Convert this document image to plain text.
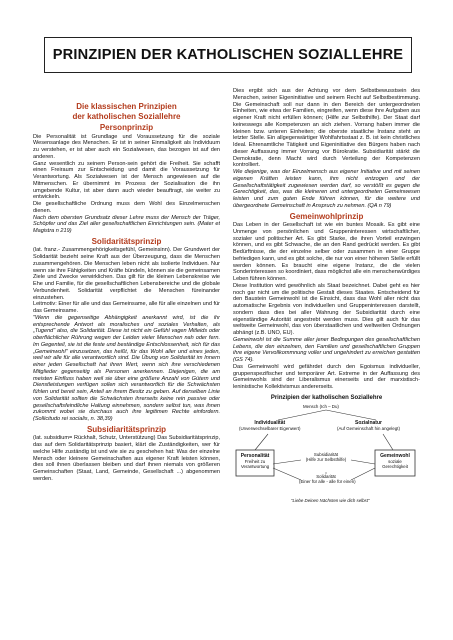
PRINZIPIEN DER KATHOLISCHEN SOZIALLEHRE
Die klassischen Prinzipien
der katholischen Soziallehre
Personprinzip

Die Personalität ist Grundlage und Voraussetzung für die soziale Wesensanlage des Menschen. Er ist in seiner Einmaligkeit als Individuum zu verstehen, er ist aber auch ein Sozialwesen, das bezogen ist auf den anderen.

Ganz wesentlich zu seinem Person-sein gehört die Freiheit. Sie schafft einen Freiraum zur Entscheidung und damit die Voraussetzung für Verantwortung. Als Sozialwesen ist der Mensch angewiesen auf die Mitmenschen. Er übernimmt im Prozess der Sozialisation die ihn umgebende Kultur, ist aber dann auch wieder beauftragt, sie weiter zu entwickeln.

Die gesellschaftliche Ordnung muss dem Wohl des Einzelmenschen dienen.

Nach dem obersten Grundsatz dieser Lehre muss der Mensch der Träger, Schöpfer und das Ziel aller gesellschaftlichen Einrichtungen sein. (Mater et Magistra n 219)

Solidaritätsprinzip

(lat. franz.- Zusammengehörigkeitsgefühl, Gemeinsinn). Der Grundwert der Solidarität bezieht seine Kraft aus der Überzeugung, dass die Menschen zusammengehören. Die Menschen leben nicht als isolierte Individuen. Nur wenn sie ihre Fähigkeiten und Kräfte bündeln, können sie die gemeinsamen Ziele und Zwecke verwirklichen. Das gilt für die kleinen Lebenskreise wie Ehe und Familie, für die gesellschaftlichen Lebensbereiche und die globale Verbundenheit. Solidarität verpflichtet die Menschen füreinander einzustehen.

Leitmotiv: Einer für alle und das Gemeinsame, alle für alle einzelnen und für das Gemeinsame.

"Wenn die gegenseitige Abhängigkeit anerkannt wird, ist die ihr entsprechende Antwort als moralisches und soziales Verhalten, als „Tugend" also, die Solidarität. Diese ist nicht ein Gefühl vagen Mitleids oder oberflächlicher Rührung wegen der Leiden vieler Menschen nah oder fern. Im Gegenteil, sie ist die feste und beständige Entschlossenheit, sich für das „Gemeinwohl" einzusetzen, das heißt, für das Wohl aller und eines jeden, weil wir alle für alle verantwortlich sind. Die Übung von Solidarität im Innern einer jeden Gesellschaft hat ihren Wert, wenn sich ihre verschiedenen Mitglieder gegenseitig als Personen anerkennen. Diejenigen, die am meisten Einfluss haben weil sie über eine größere Anzahl von Gütern und Dienstleistungen verfügen sollen sich verantwortlich für die Schwächsten fühlen und bereit sein, Anteil an ihrem Besitz zu geben. Auf derselben Linie von Solidarität sollten die Schwächsten ihrerseits keine rein passive oder gesellschaftsfeindliche Haltung einnehmen, sondern selbst tun, was ihnen zukommt wobei sie durchaus auch ihre legitimen Rechte einfordern. (Sollicitudo rei socialis, n. 38,39)

Subsidiaritätsprinzip

(lat. subsidium= Rückhalt, Schutz, Unterstützung) Das Subsidiaritätsprinzip, das auf dem Solidaritätsprinzip basiert, klärt die Zuständigkeiten, wer für welche Hilfe zuständig ist und wie sie zu geschehen hat: Was der einzelne Mensch oder kleinere Gemeinschaften aus eigener Kraft leisten können, dies soll ihnen überlassen bleiben und darf ihnen niemals von größeren Gemeinschaften (Staat, Land, Gemeinde, Gesellschaft ...) abgenommen werden.

Dies ergibt sich aus der Achtung vor dem Selbstbewusstsein des Menschen, seiner Eigeninitiative und seinem Recht auf Selbstbestimmung. Die Gemeinschaft soll nur dann in den Bereich der untergeordneten Einheiten, wie etwa der Familien, eingreifen, wenn diese ihre Aufgaben aus eigener Kraft nicht erfüllen können; (Hilfe zur Selbsthilfe). Der Staat darf keineswegs alle Kompetenzen an sich ziehen. Vorrang haben immer die kleinen bzw. unteren Einheiten; die oberste staatliche Instanz steht an letzter Stelle. Ein allgegenwärtiger Wohlfahrtsstaat z. B. ist kein christliches Ideal. Ehrenamtliche Tätigkeit und Eigeninitiative des Bürgers haben nach dieser Auffassung immer Vorrang vor Bürokratie. Subsidiarität stärkt die Demokratie, denn Macht wird durch Verteilung der Kompetenzen kontrolliert.

Wie diejenige, was der Einzelmensch aus eigener Initiative und mit seinen eigenen Kräften leisten kann, ihm nicht entzogen und der Gesellschaftstätigkeit zugewiesen werden darf, so verstößt es gegen die Gerechtigkeit, das, was die kleineren und untergeordneten Gemeinwesen leisten und zum guten Ende führen können, für die weitere und übergeordnete Gemeinschaft in Anspruch zu nehmen. (QA n 79)

Gemeinwohlprinzip

Das Leben in der Gesellschaft ist wie ein buntes Mosaik. Es gibt eine Unmenge von persönlichen und Gruppeninteressen wirtschaftlicher, sozialer und politischer Art. Es gibt Starke, die ihren Vorteil erzwingen können, und es gibt Schwache, die an den Rand gedrückt werden. Es gibt Bedürftnisse, die der einzelne selber oder zusammen in einer Gruppe befriedigen kann, und es gibt solche, die nur von einer höheren Stelle erfüllt werden können. Es braucht eine eigene Instanz, die die vielen Sonderinteressen so koordiniert, dass möglichst alle ein menschenwürdiges Leben führen können.

Diese Institution wird gewöhnlich als Staat bezeichnet. Dabei geht es hier noch gar nicht um die politische Gestalt dieses Staates. Entscheidend für den Baustein Gemeinwohl ist die Einsicht, dass das Wohl aller nicht das automatische Ergebnis von individuellen und Gruppeninteressen darstellt, sondern dass dies bei aller Wahrung der Subsidiarität durch eine eigenständige Autorität angestrebt werden muss. Dies gilt auch für das weltweite Gemeinwohl, das von überstaatlichen und weltweiten Ordnungen abhängt (z.B. UNO, EU).

Gemeinwohl ist die Summe aller jener Bedingungen des gesellschaftlichen Lebens, die den einzelnen, den Familien und gesellschaftlichen Gruppen ihre eigene Vervollkommnung voller und ungehindert zu erreichen gestatten (GS 74).

Das Gemeinwohl wird gefährdet durch den Egoismus individueller, gruppenspezifischer und temporärer Art. Extreme in der Auffassung des Gemeinwohls sind der Liberalismus einerseits und der marxistisch-leninistische Kollektivismus andererseits.

Prinzipien der katholischen Soziallehre
Mensch (Ich – Du)
Individualität
(Unverwechselbarer Eigenwert)
Sozialnatur
(Auf Gemeinschaft hin angelegt)
Personalität
Freiheit zu
Verantwortung
Subsidiarität
(Hilfe zur Selbsthilfe)
Solidarität
(Einer für alle - alle für einen)
Gemeinwohl
soziale
Gerechtigkeit
"Liebe Deinen Nächsten wie dich selbst"
